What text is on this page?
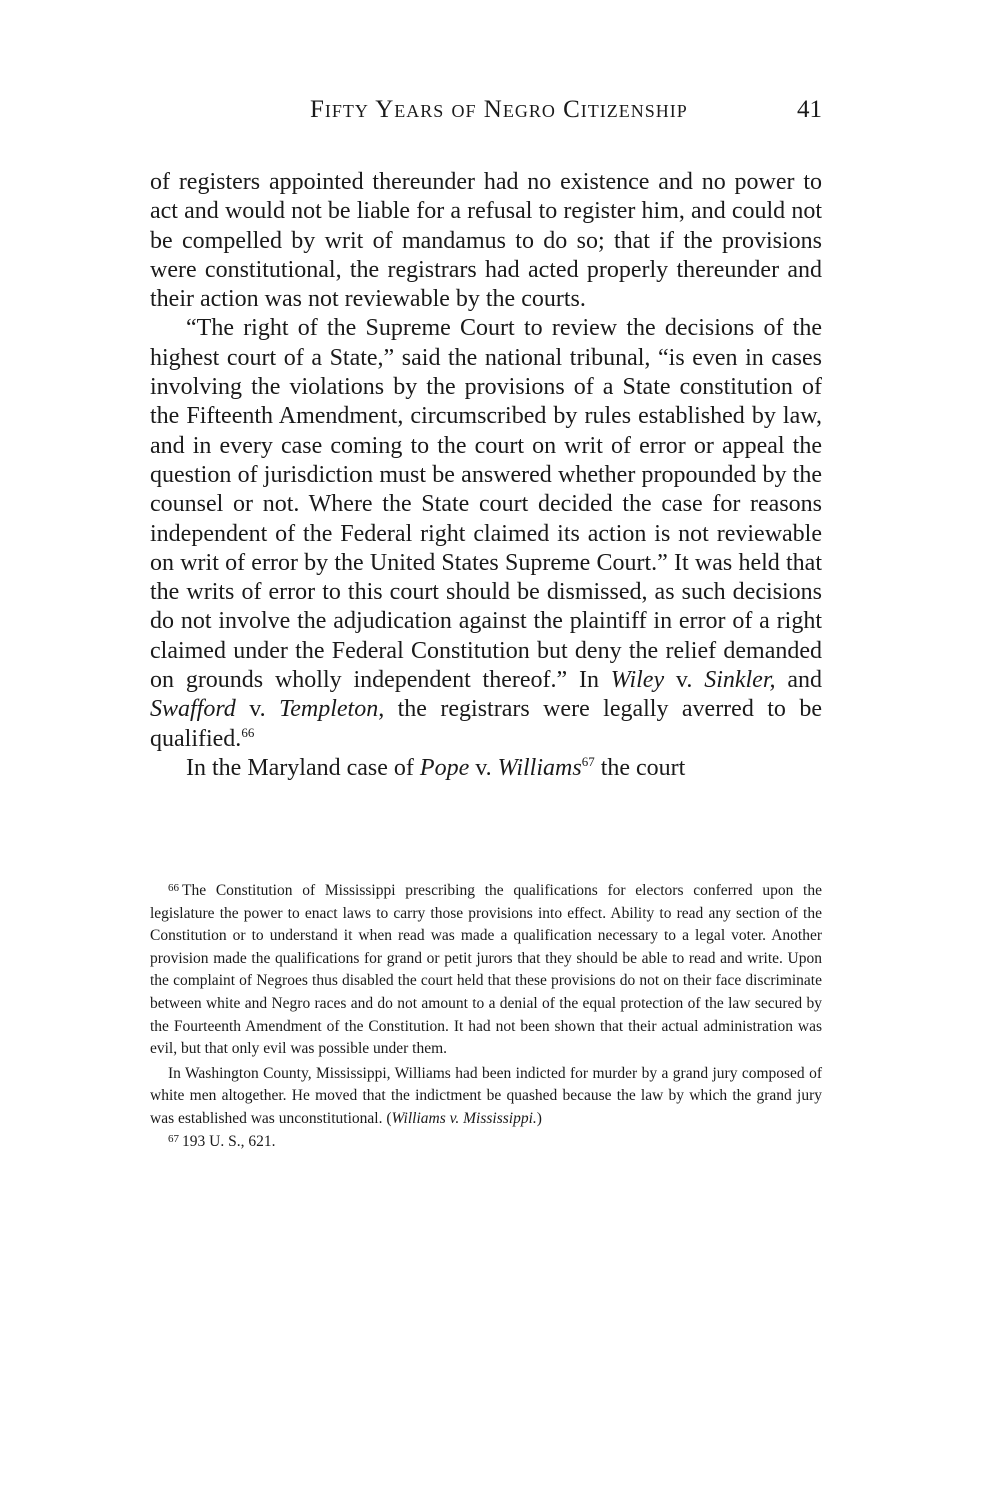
Fifty Years of Negro Citizenship	41

of registers appointed thereunder had no existence and no power to act and would not be liable for a refusal to register him, and could not be compelled by writ of mandamus to do so; that if the provisions were constitutional, the registrars had acted properly thereunder and their action was not reviewable by the courts.

“The right of the Supreme Court to review the decisions of the highest court of a State,” said the national tribunal, “is even in cases involving the violations by the provisions of a State constitution of the Fifteenth Amendment, circumscribed by rules established by law, and in every case coming to the court on writ of error or appeal the question of jurisdiction must be answered whether propounded by the counsel or not. Where the State court decided the case for reasons independent of the Federal right claimed its action is not reviewable on writ of error by the United States Supreme Court.” It was held that the writs of error to this court should be dismissed, as such decisions do not involve the adjudication against the plaintiff in error of a right claimed under the Federal Constitution but deny the relief demanded on grounds wholly independent thereof.” In Wiley v. Sinkler, and Swafford v. Templeton, the registrars were legally averred to be qualified.$^{66}$

In the Maryland case of Pope v. Williams$^{67}$ the court

$^{66}$ The Constitution of Mississippi prescribing the qualifications for electors conferred upon the legislature the power to enact laws to carry those provisions into effect. Ability to read any section of the Constitution or to understand it when read was made a qualification necessary to a legal voter. Another provision made the qualifications for grand or petit jurors that they should be able to read and write. Upon the complaint of Negroes thus disabled the court held that these provisions do not on their face discriminate between white and Negro races and do not amount to a denial of the equal protection of the law secured by the Fourteenth Amendment of the Constitution. It had not been shown that their actual administration was evil, but that only evil was possible under them.

In Washington County, Mississippi, Williams had been indicted for murder by a grand jury composed of white men altogether. He moved that the indictment be quashed because the law by which the grand jury was established was unconstitutional. (Williams v. Mississippi.)

$^{67}$ 193 U. S., 621.
